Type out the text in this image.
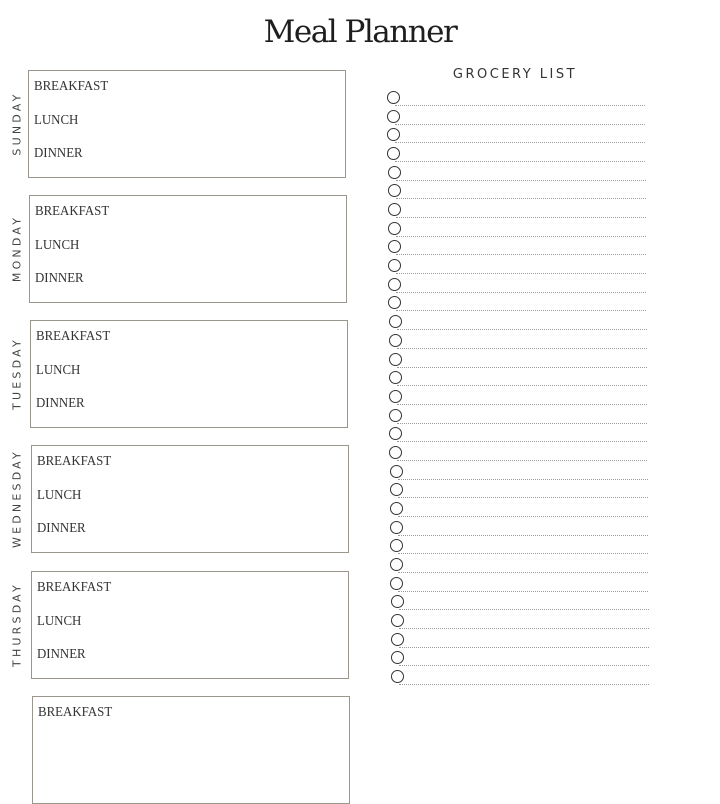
Meal Planner
GROCERY LIST
BREAKFAST
LUNCH
DINNER
SUNDAY
BREAKFAST
LUNCH
DINNER
MONDAY
BREAKFAST
LUNCH
DINNER
TUESDAY
BREAKFAST
LUNCH
DINNER
WEDNESDAY
BREAKFAST
LUNCH
DINNER
THURSDAY
BREAKFAST
